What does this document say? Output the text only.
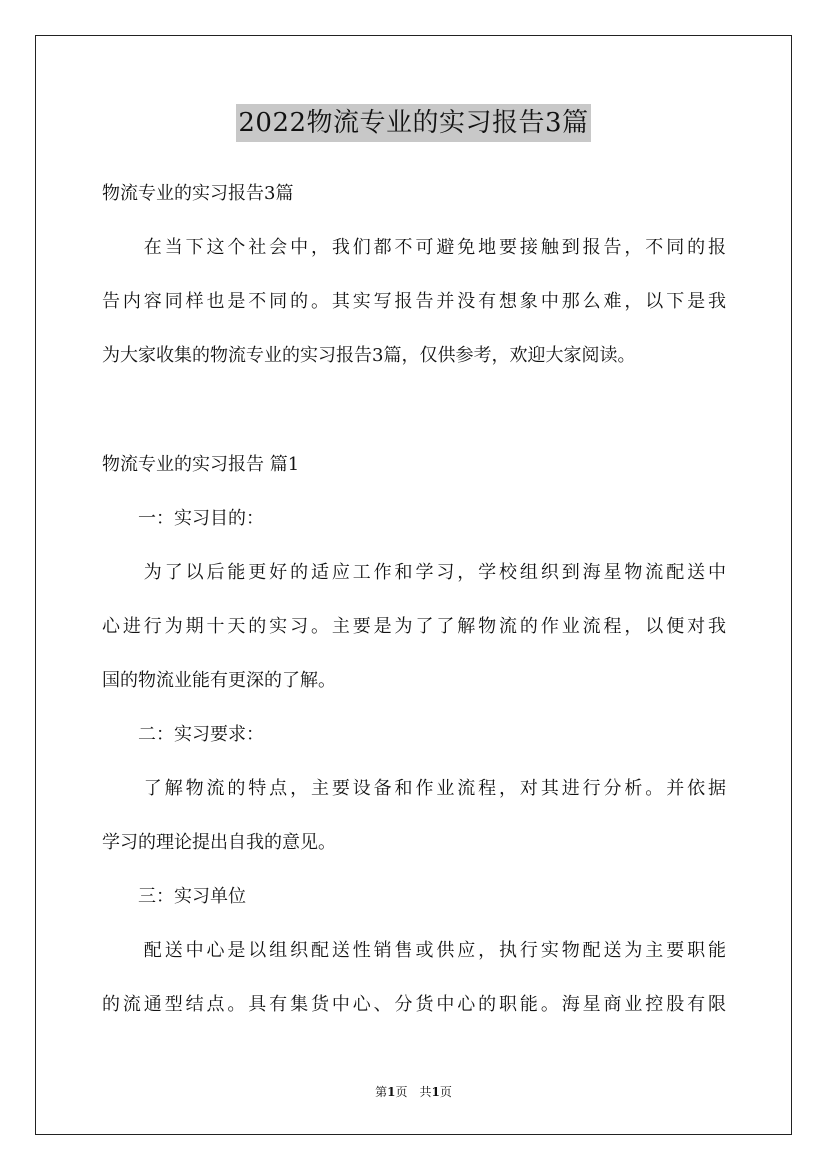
2022物流专业的实习报告3篇
物流专业的实习报告3篇
　　在当下这个社会中，我们都不可避免地要接触到报告，不同的报
告内容同样也是不同的。其实写报告并没有想象中那么难，以下是我
为大家收集的物流专业的实习报告3篇，仅供参考，欢迎大家阅读。
物流专业的实习报告 篇1
　　一：实习目的：
　　为了以后能更好的适应工作和学习，学校组织到海星物流配送中
心进行为期十天的实习。主要是为了了解物流的作业流程，以便对我
国的物流业能有更深的了解。
　　二：实习要求：
　　了解物流的特点，主要设备和作业流程，对其进行分析。并依据
学习的理论提出自我的意见。
　　三：实习单位
　　配送中心是以组织配送性销售或供应，执行实物配送为主要职能
的流通型结点。具有集货中心、分货中心的职能。海星商业控股有限
第1页　共1页
